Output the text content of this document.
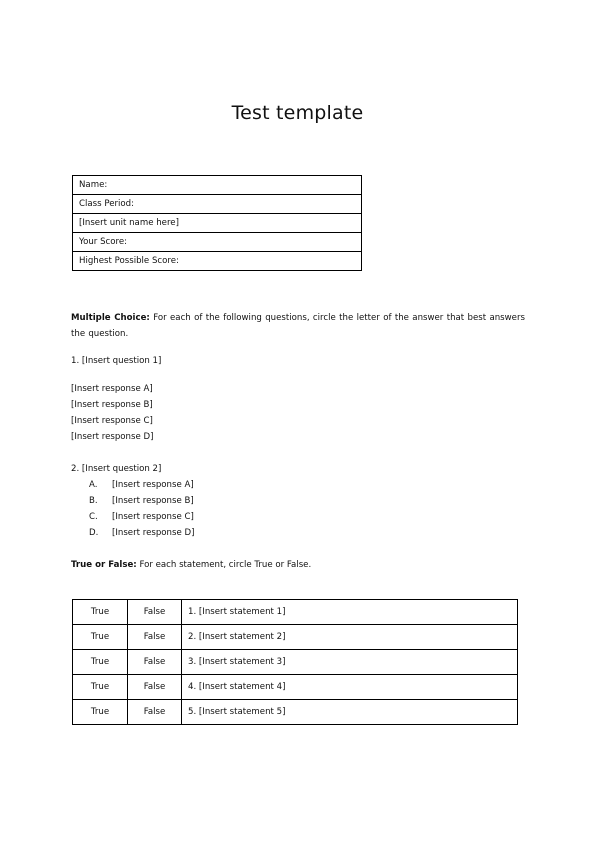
Test template
Name:
Class Period:
[Insert unit name here]
Your Score:
Highest Possible Score:
Multiple Choice: For each of the following questions, circle the letter of the answer that best answers the question.
1. [Insert question 1]
[Insert response A]
[Insert response B]
[Insert response C]
[Insert response D]
2. [Insert question 2]
A. [Insert response A]
B. [Insert response B]
C. [Insert response C]
D. [Insert response D]
True or False: For each statement, circle True or False.
True	False	1. [Insert statement 1]
True	False	2. [Insert statement 2]
True	False	3. [Insert statement 3]
True	False	4. [Insert statement 4]
True	False	5. [Insert statement 5]
